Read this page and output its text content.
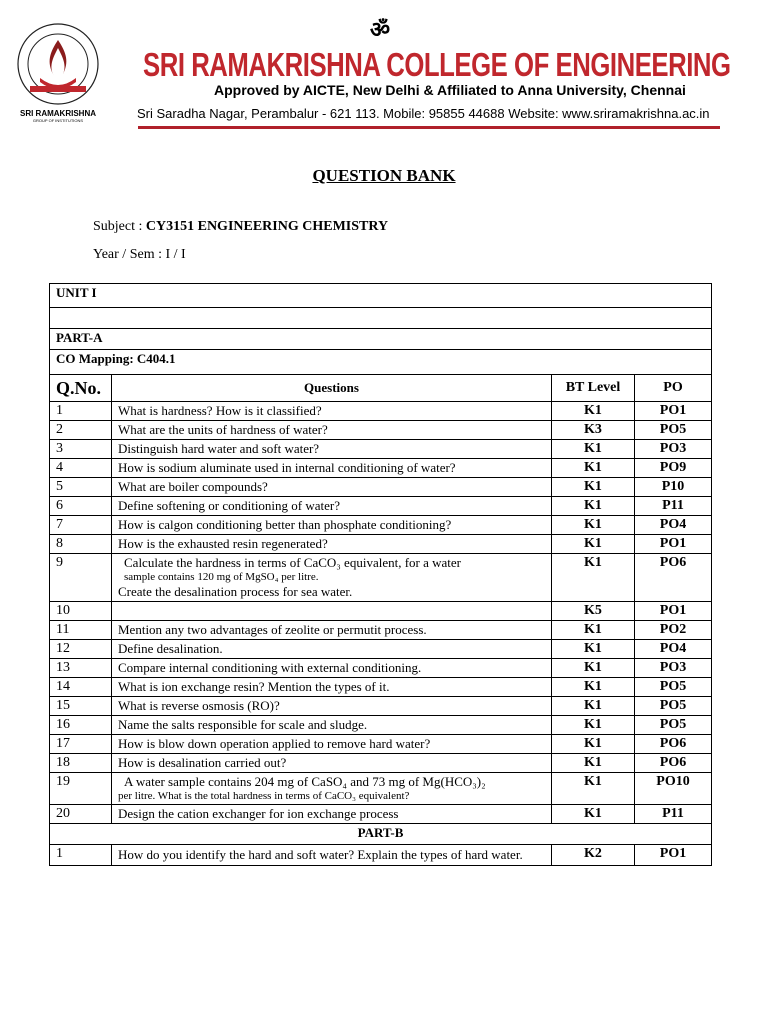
SRI RAMAKRISHNA
GROUP OF INSTITUTIONS
ॐ
SRI RAMAKRISHNA COLLEGE OF ENGINEERING
Approved by AICTE, New Delhi & Affiliated to Anna University, Chennai
Sri Saradha Nagar, Perambalur - 621 113. Mobile: 95855 44688 Website: www.sriramakrishna.ac.in
QUESTION BANK
Subject : CY3151 ENGINEERING CHEMISTRY
Year / Sem : I / I
UNIT I			

PART-A			
CO Mapping: C404.1			
Q.No.	Questions	BT Level	PO
1	What is hardness? How is it classified?	K1	PO1
2	What are the units of hardness of water?	K3	PO5
3	Distinguish hard water and soft water?	K1	PO3
4	How is sodium aluminate used in internal conditioning of water?	K1	PO9
5	What are boiler compounds?	K1	P10
6	Define softening or conditioning of water?	K1	P11
7	How is calgon conditioning better than phosphate conditioning?	K1	PO4
8	How is the exhausted resin regenerated?	K1	PO1
9	Calculate the hardness in terms of CaCO₃ equivalent, for a water
sample contains 120 mg of MgSO₄ per litre.
Create the desalination process for sea water.	K1	PO6
10		K5	PO1
11	Mention any two advantages of zeolite or permutit process.	K1	PO2
12	Define desalination.	K1	PO4
13	Compare internal conditioning with external conditioning.	K1	PO3
14	What is ion exchange resin? Mention the types of it.	K1	PO5
15	What is reverse osmosis (RO)?	K1	PO5
16	Name the salts responsible for scale and sludge.	K1	PO5
17	How is blow down operation applied to remove hard water?	K1	PO6
18	How is desalination carried out?	K1	PO6
19	A water sample contains 204 mg of CaSO₄ and 73 mg of Mg(HCO₃)₂
per litre. What is the total hardness in terms of CaCO₃ equivalent?	K1	PO10
20	Design the cation exchanger for ion exchange process	K1	P11
PART-B			
1	How do you identify the hard and soft water? Explain the types of hard water.	K2	PO1
